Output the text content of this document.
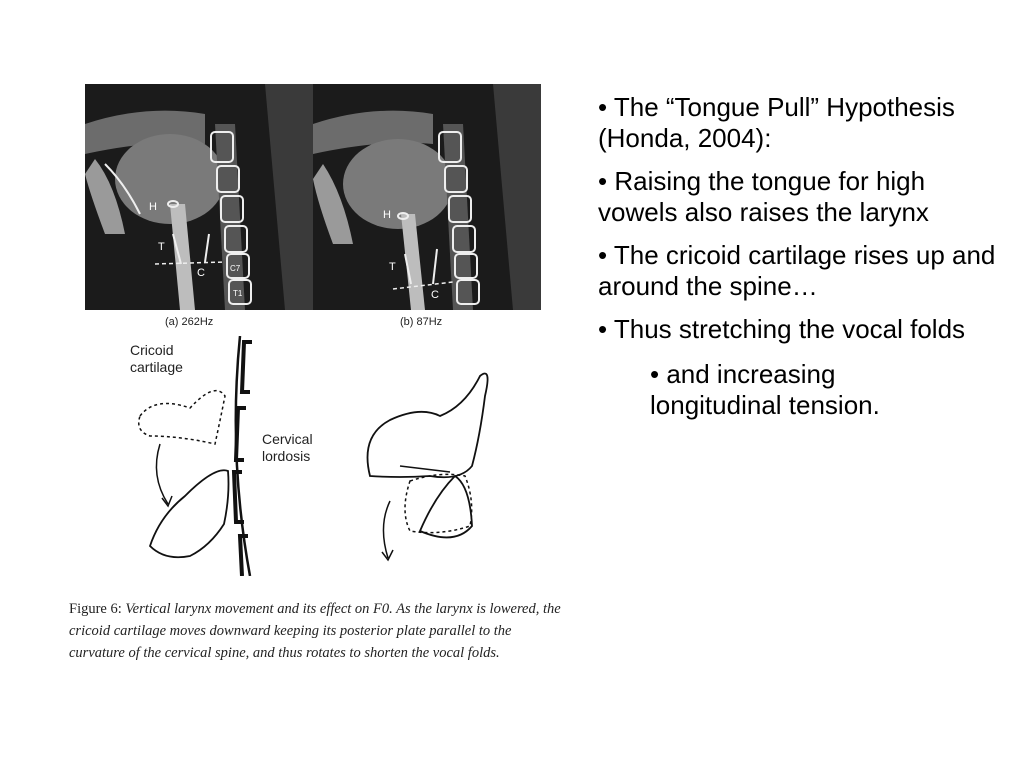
H
T
C	C7
T1
H
T
C
(a) 262Hz	(b) 87Hz
Cricoid cartilage
Cervical lordosis
Figure 6: Vertical larynx movement and its effect on F0. As the larynx is lowered, the cricoid cartilage moves downward keeping its posterior plate parallel to the curvature of the cervical spine, and thus rotates to shorten the vocal folds.

• The “Tongue Pull” Hypothesis (Honda, 2004):

• Raising the tongue for high vowels also raises the larynx

• The cricoid cartilage rises up and around the spine…

• Thus stretching the vocal folds

• and increasing longitudinal tension.
